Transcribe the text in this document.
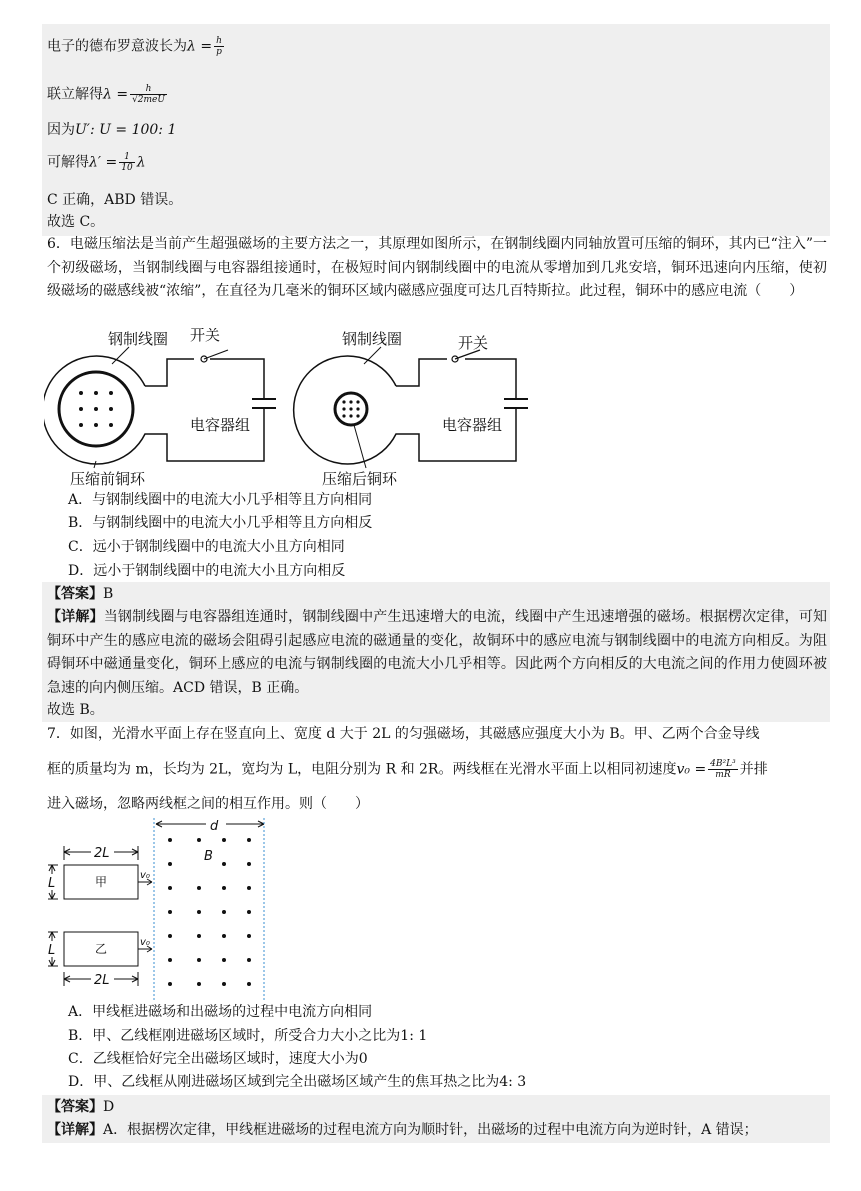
电子的德布罗意波长为$\lambda = \frac{h}{p}$
联立解得$\lambda = \frac{h}{\text{√2meU}}$
因为U′: U = 100: 1
可解得$\lambda' = \frac{1}{10}$ λ
C 正确，ABD 错误。
故选 C。
6．电磁压缩法是当前产生超强磁场的主要方法之一，其原理如图所示，在钢制线圈内同轴放置可压缩的铜环，其内已“注入”一个初级磁场，当钢制线圈与电容器组接通时，在极短时间内钢制线圈中的电流从零增加到几兆安培，铜环迅速向内压缩，使初级磁场的磁感线被“浓缩”，在直径为几毫米的铜环区域内磁感应强度可达几百特斯拉。此过程，铜环中的感应电流（　　）
钢制线圈 开关
电容器组
压缩前铜环
钢制线圈	开关
电容器组
压缩后铜环
A．与钢制线圈中的电流大小几乎相等且方向相同
B．与钢制线圈中的电流大小几乎相等且方向相反
C．远小于钢制线圈中的电流大小且方向相同
D．远小于钢制线圈中的电流大小且方向相反
【答案】B
【详解】当钢制线圈与电容器组连通时，钢制线圈中产生迅速增大的电流，线圈中产生迅速增强的磁场。根据楞次定律，可知铜环中产生的感应电流的磁场会阻碍引起感应电流的磁通量的变化，故铜环中的感应电流与钢制线圈中的电流方向相反。为阻碍铜环中磁通量变化，铜环上感应的电流与钢制线圈的电流大小几乎相等。因此两个方向相反的大电流之间的作用力使圆环被急速的向内侧压缩。ACD 错误，B 正确。
故选 B。
7．如图，光滑水平面上存在竖直向上、宽度 d 大于 2L 的匀强磁场，其磁感应强度大小为 B。甲、乙两个合金导线
框的质量均为 m，长均为 2L，宽均为 L，电阻分别为 R 和 2R。两线框在光滑水平面上以相同初速度$v_0 = \frac{\text{4B²L³}}{mR}$ 并排
进入磁场，忽略两线框之间的相互作用。则（　　）
d
B
2L
2L
L
L
v₀
v₀
甲
乙
A．甲线框进磁场和出磁场的过程中电流方向相同
B．甲、乙线框刚进磁场区域时，所受合力大小之比为1: 1
C．乙线框恰好完全出磁场区域时，速度大小为0
D．甲、乙线框从刚进磁场区域到完全出磁场区域产生的焦耳热之比为4: 3
【答案】D
【详解】A．根据楞次定律，甲线框进磁场的过程电流方向为顺时针，出磁场的过程中电流方向为逆时针，A 错误；
